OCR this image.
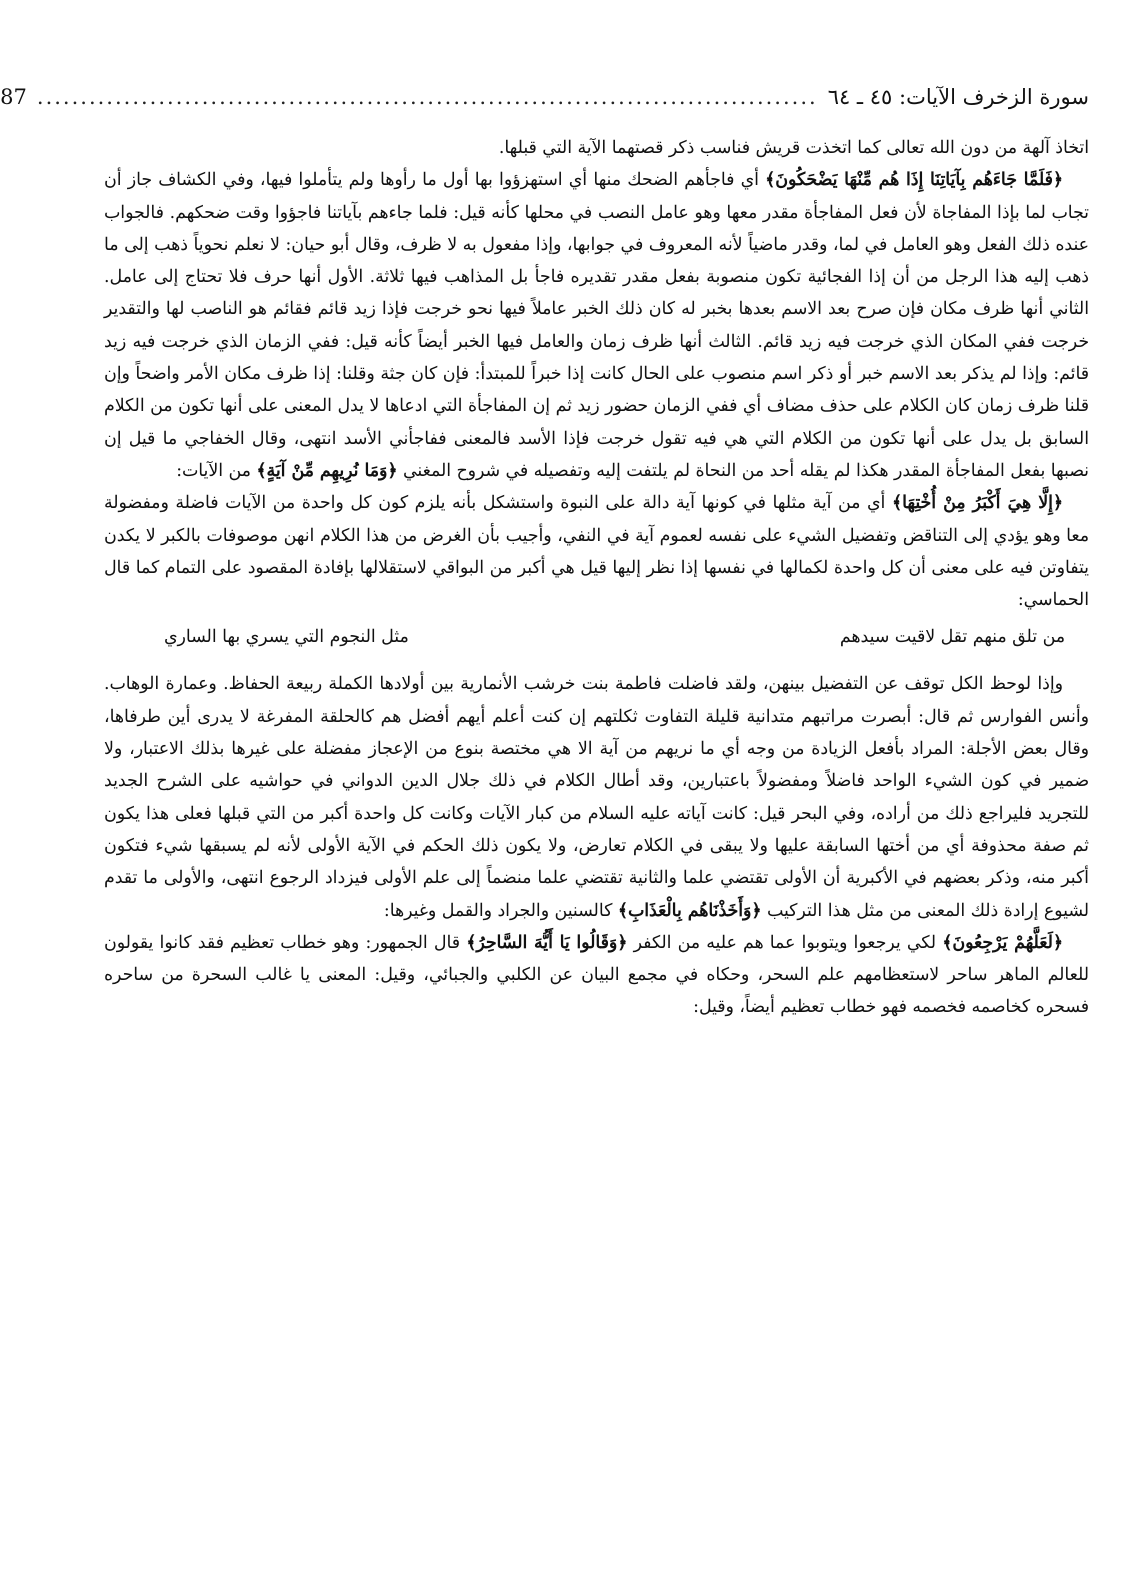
سورة الزخرف الآيات: ٤٥ ـ ٦٤
..........................................................................................
87

اتخاذ آلهة من دون الله تعالى كما اتخذت قريش فناسب ذكر قصتهما الآية التي قبلها.

﴿فَلَمَّا جَاءَهُم بِآيَاتِنَا إِذَا هُم مِّنْهَا يَضْحَكُونَ﴾ أي فاجأهم الضحك منها أي استهزؤوا بها أول ما رأوها ولم يتأملوا فيها، وفي الكشاف جاز أن تجاب لما بإذا المفاجاة لأن فعل المفاجأة مقدر معها وهو عامل النصب في محلها كأنه قيل: فلما جاءهم بآياتنا فاجؤوا وقت ضحكهم. فالجواب عنده ذلك الفعل وهو العامل في لما، وقدر ماضياً لأنه المعروف في جوابها، وإذا مفعول به لا ظرف، وقال أبو حيان: لا نعلم نحوياً ذهب إلى ما ذهب إليه هذا الرجل من أن إذا الفجائية تكون منصوبة بفعل مقدر تقديره فاجأ بل المذاهب فيها ثلاثة. الأول أنها حرف فلا تحتاج إلى عامل. الثاني أنها ظرف مكان فإن صرح بعد الاسم بعدها بخبر له كان ذلك الخبر عاملاً فيها نحو خرجت فإذا زيد قائم فقائم هو الناصب لها والتقدير خرجت ففي المكان الذي خرجت فيه زيد قائم. الثالث أنها ظرف زمان والعامل فيها الخبر أيضاً كأنه قيل: ففي الزمان الذي خرجت فيه زيد قائم: وإذا لم يذكر بعد الاسم خبر أو ذكر اسم منصوب على الحال كانت إذا خبراً للمبتدأ: فإن كان جثة وقلنا: إذا ظرف مكان الأمر واضحاً وإن قلنا ظرف زمان كان الكلام على حذف مضاف أي ففي الزمان حضور زيد ثم إن المفاجأة التي ادعاها لا يدل المعنى على أنها تكون من الكلام السابق بل يدل على أنها تكون من الكلام التي هي فيه تقول خرجت فإذا الأسد فالمعنى ففاجأني الأسد انتهى، وقال الخفاجي ما قيل إن نصبها بفعل المفاجأة المقدر هكذا لم يقله أحد من النحاة لم يلتفت إليه وتفصيله في شروح المغني ﴿وَمَا نُرِيهِم مِّنْ آيَةٍ﴾ من الآيات:

﴿إِلَّا هِيَ أَكْبَرُ مِنْ أُخْتِهَا﴾ أي من آية مثلها في كونها آية دالة على النبوة واستشكل بأنه يلزم كون كل واحدة من الآيات فاضلة ومفضولة معا وهو يؤدي إلى التناقض وتفضيل الشيء على نفسه لعموم آية في النفي، وأجيب بأن الغرض من هذا الكلام انهن موصوفات بالكبر لا يكدن يتفاوتن فيه على معنى أن كل واحدة لكمالها في نفسها إذا نظر إليها قيل هي أكبر من البواقي لاستقلالها بإفادة المقصود على التمام كما قال الحماسي:

من تلق منهم تقل لاقيت سيدهم
مثل النجوم التي يسري بها الساري

وإذا لوحظ الكل توقف عن التفضيل بينهن، ولقد فاضلت فاطمة بنت خرشب الأنمارية بين أولادها الكملة ربيعة الحفاظ. وعمارة الوهاب. وأنس الفوارس ثم قال: أبصرت مراتبهم متدانية قليلة التفاوت ثكلتهم إن كنت أعلم أيهم أفضل هم كالحلقة المفرغة لا يدرى أين طرفاها، وقال بعض الأجلة: المراد بأفعل الزيادة من وجه أي ما نريهم من آية الا هي مختصة بنوع من الإعجاز مفضلة على غيرها بذلك الاعتبار، ولا ضمير في كون الشيء الواحد فاضلاً ومفضولاً باعتبارين، وقد أطال الكلام في ذلك جلال الدين الدواني في حواشيه على الشرح الجديد للتجريد فليراجع ذلك من أراده، وفي البحر قيل: كانت آياته عليه السلام من كبار الآيات وكانت كل واحدة أكبر من التي قبلها فعلى هذا يكون ثم صفة محذوفة أي من أختها السابقة عليها ولا يبقى في الكلام تعارض، ولا يكون ذلك الحكم في الآية الأولى لأنه لم يسبقها شيء فتكون أكبر منه، وذكر بعضهم في الأكبرية أن الأولى تقتضي علما والثانية تقتضي علما منضماً إلى علم الأولى فيزداد الرجوع انتهى، والأولى ما تقدم لشيوع إرادة ذلك المعنى من مثل هذا التركيب ﴿وَأَخَذْنَاهُم بِالْعَذَابِ﴾ كالسنين والجراد والقمل وغيرها:

﴿لَعَلَّهُمْ يَرْجِعُونَ﴾ لكي يرجعوا ويتوبوا عما هم عليه من الكفر ﴿وَقَالُوا يَا أَيُّهَ السَّاحِرُ﴾ قال الجمهور: وهو خطاب تعظيم فقد كانوا يقولون للعالم الماهر ساحر لاستعظامهم علم السحر، وحكاه في مجمع البيان عن الكلبي والجبائي، وقيل: المعنى يا غالب السحرة من ساحره فسحره كخاصمه فخصمه فهو خطاب تعظيم أيضاً، وقيل:
